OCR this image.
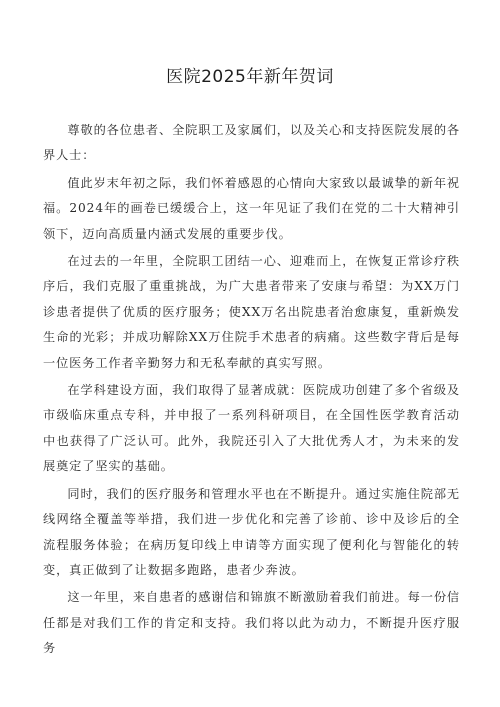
医院2025年新年贺词

尊敬的各位患者、全院职工及家属们，以及关心和支持医院发展的各界人士：

值此岁末年初之际，我们怀着感恩的心情向大家致以最诚挚的新年祝福。2024年的画卷已缓缓合上，这一年见证了我们在党的二十大精神引领下，迈向高质量内涵式发展的重要步伐。

在过去的一年里，全院职工团结一心、迎难而上，在恢复正常诊疗秩序后，我们克服了重重挑战，为广大患者带来了安康与希望：为XX万门诊患者提供了优质的医疗服务；使XX万名出院患者治愈康复，重新焕发生命的光彩；并成功解除XX万住院手术患者的病痛。这些数字背后是每一位医务工作者辛勤努力和无私奉献的真实写照。

在学科建设方面，我们取得了显著成就：医院成功创建了多个省级及市级临床重点专科，并申报了一系列科研项目，在全国性医学教育活动中也获得了广泛认可。此外，我院还引入了大批优秀人才，为未来的发展奠定了坚实的基础。

同时，我们的医疗服务和管理水平也在不断提升。通过实施住院部无线网络全覆盖等举措，我们进一步优化和完善了诊前、诊中及诊后的全流程服务体验；在病历复印线上申请等方面实现了便利化与智能化的转变，真正做到了让数据多跑路，患者少奔波。

这一年里，来自患者的感谢信和锦旗不断激励着我们前进。每一份信任都是对我们工作的肯定和支持。我们将以此为动力，不断提升医疗服务
